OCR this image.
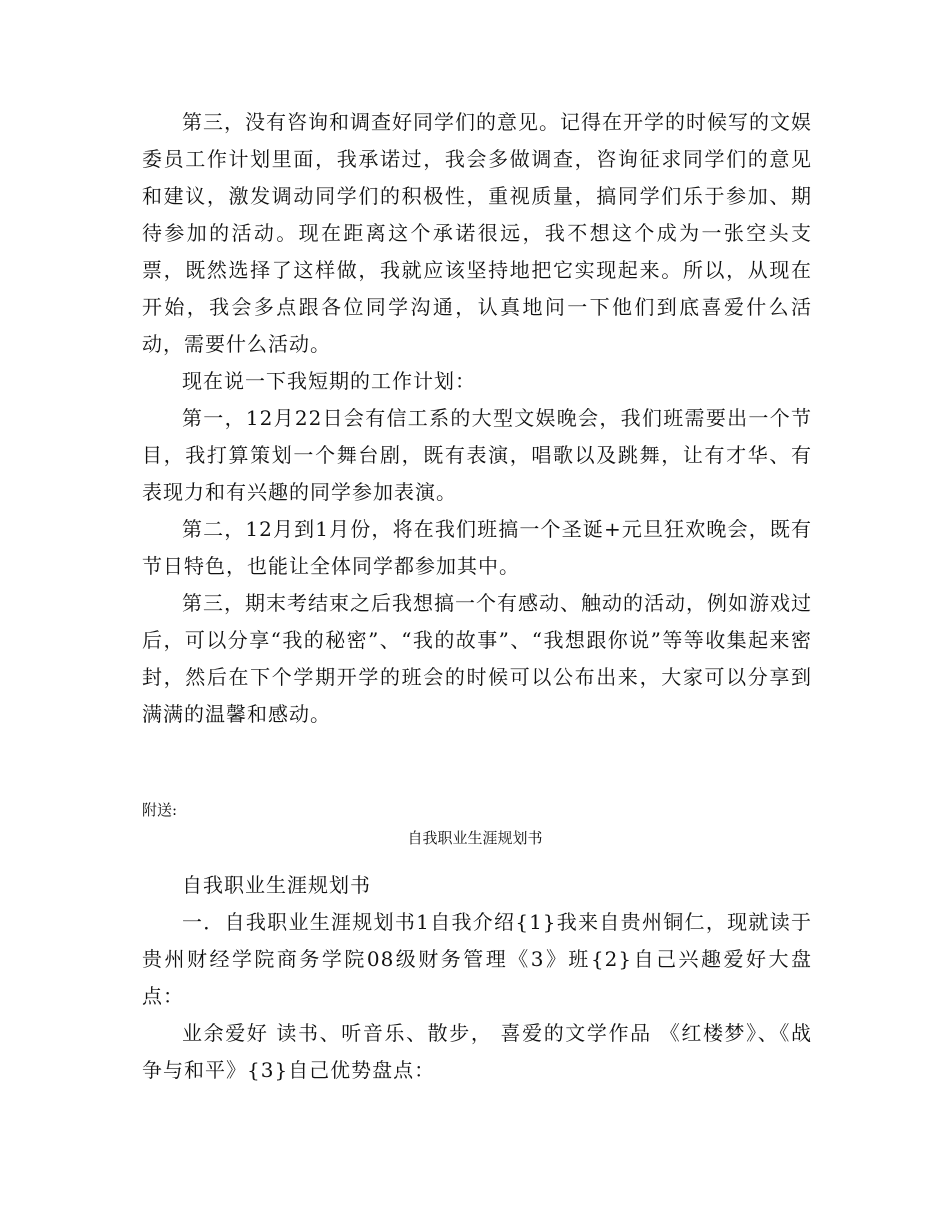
第三，没有咨询和调查好同学们的意见。记得在开学的时候写的文娱委员工作计划里面，我承诺过，我会多做调查，咨询征求同学们的意见和建议，激发调动同学们的积极性，重视质量，搞同学们乐于参加、期待参加的活动。现在距离这个承诺很远，我不想这个成为一张空头支票，既然选择了这样做，我就应该坚持地把它实现起来。所以，从现在开始，我会多点跟各位同学沟通，认真地问一下他们到底喜爱什么活动，需要什么活动。

现在说一下我短期的工作计划：

第一，12月22日会有信工系的大型文娱晚会，我们班需要出一个节目，我打算策划一个舞台剧，既有表演，唱歌以及跳舞，让有才华、有表现力和有兴趣的同学参加表演。

第二，12月到1月份，将在我们班搞一个圣诞+元旦狂欢晚会，既有节日特色，也能让全体同学都参加其中。

第三，期末考结束之后我想搞一个有感动、触动的活动，例如游戏过后，可以分享“我的秘密”、“我的故事”、“我想跟你说”等等收集起来密封，然后在下个学期开学的班会的时候可以公布出来，大家可以分享到满满的温馨和感动。

附送:
自我职业生涯规划书

自我职业生涯规划书

一．自我职业生涯规划书1自我介绍{1}我来自贵州铜仁，现就读于贵州财经学院商务学院08级财务管理《3》班{2}自己兴趣爱好大盘点：

业余爱好 读书、听音乐、散步， 喜爱的文学作品 《红楼梦》、《战争与和平》{3}自己优势盘点：
